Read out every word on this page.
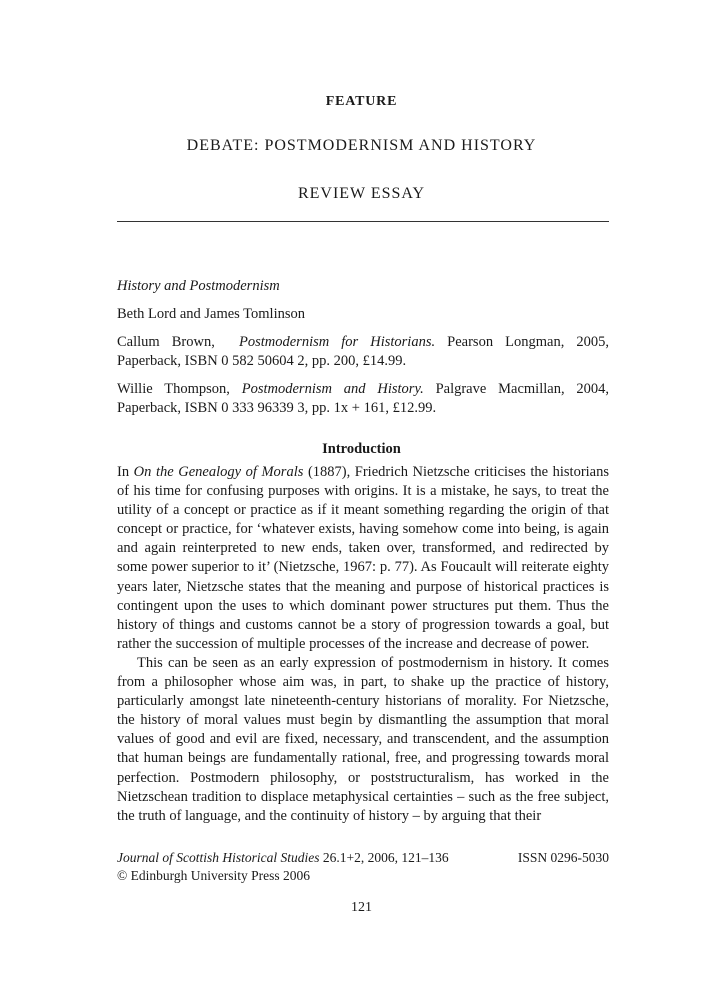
FEATURE
DEBATE: POSTMODERNISM AND HISTORY
REVIEW ESSAY
History and Postmodernism
Beth Lord and James Tomlinson
Callum Brown, Postmodernism for Historians. Pearson Longman, 2005, Paperback, ISBN 0 582 50604 2, pp. 200, £14.99.
Willie Thompson, Postmodernism and History. Palgrave Macmillan, 2004, Paperback, ISBN 0 333 96339 3, pp. 1x + 161, £12.99.
Introduction

In On the Genealogy of Morals (1887), Friedrich Nietzsche criticises the historians of his time for confusing purposes with origins. It is a mistake, he says, to treat the utility of a concept or practice as if it meant something regarding the origin of that concept or practice, for ‘whatever exists, having somehow come into being, is again and again reinterpreted to new ends, taken over, transformed, and redirected by some power superior to it’ (Nietzsche, 1967: p. 77). As Foucault will reiterate eighty years later, Nietzsche states that the meaning and purpose of historical practices is contingent upon the uses to which dominant power structures put them. Thus the history of things and customs cannot be a story of progression towards a goal, but rather the succession of multiple processes of the increase and decrease of power.

This can be seen as an early expression of postmodernism in history. It comes from a philosopher whose aim was, in part, to shake up the practice of history, particularly amongst late nineteenth-century historians of morality. For Nietzsche, the history of moral values must begin by dismantling the assumption that moral values of good and evil are fixed, necessary, and transcendent, and the assumption that human beings are fundamentally rational, free, and progressing towards moral perfection. Postmodern philosophy, or poststructuralism, has worked in the Nietzschean tradition to displace metaphysical certainties – such as the free subject, the truth of language, and the continuity of history – by arguing that their

Journal of Scottish Historical Studies 26.1+2, 2006, 121–136
© Edinburgh University Press 2006
ISSN 0296-5030
121
